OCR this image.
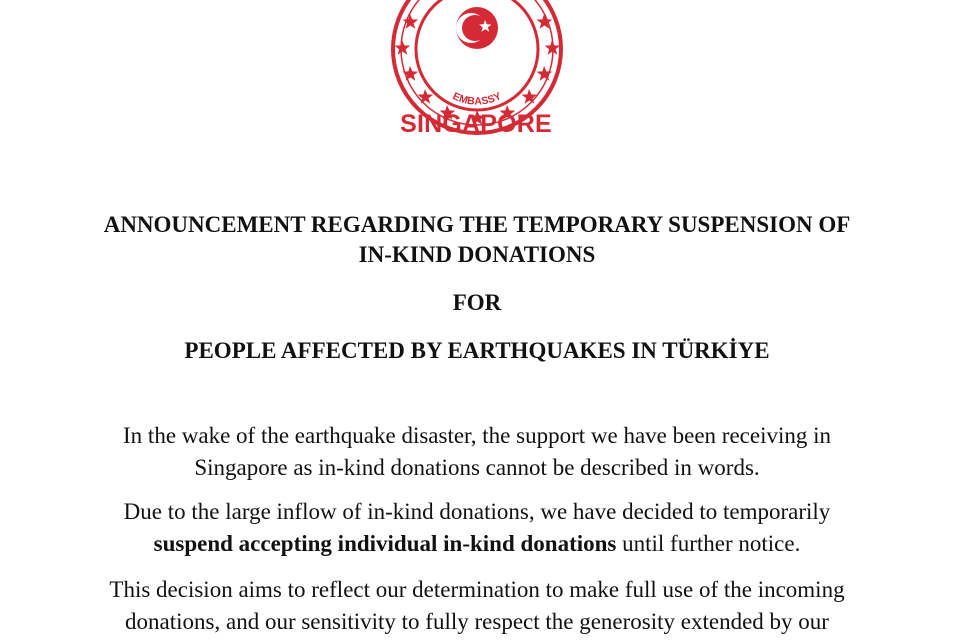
EMBASSY
SINGAPORE
ANNOUNCEMENT REGARDING THE TEMPORARY SUSPENSION OF
IN-KIND DONATIONS
FOR
PEOPLE AFFECTED BY EARTHQUAKES IN TÜRKİYE
In the wake of the earthquake disaster, the support we have been receiving in
Singapore as in-kind donations cannot be described in words.
Due to the large inflow of in-kind donations, we have decided to temporarily
suspend accepting individual in-kind donations until further notice.
This decision aims to reflect our determination to make full use of the incoming
donations, and our sensitivity to fully respect the generosity extended by our
